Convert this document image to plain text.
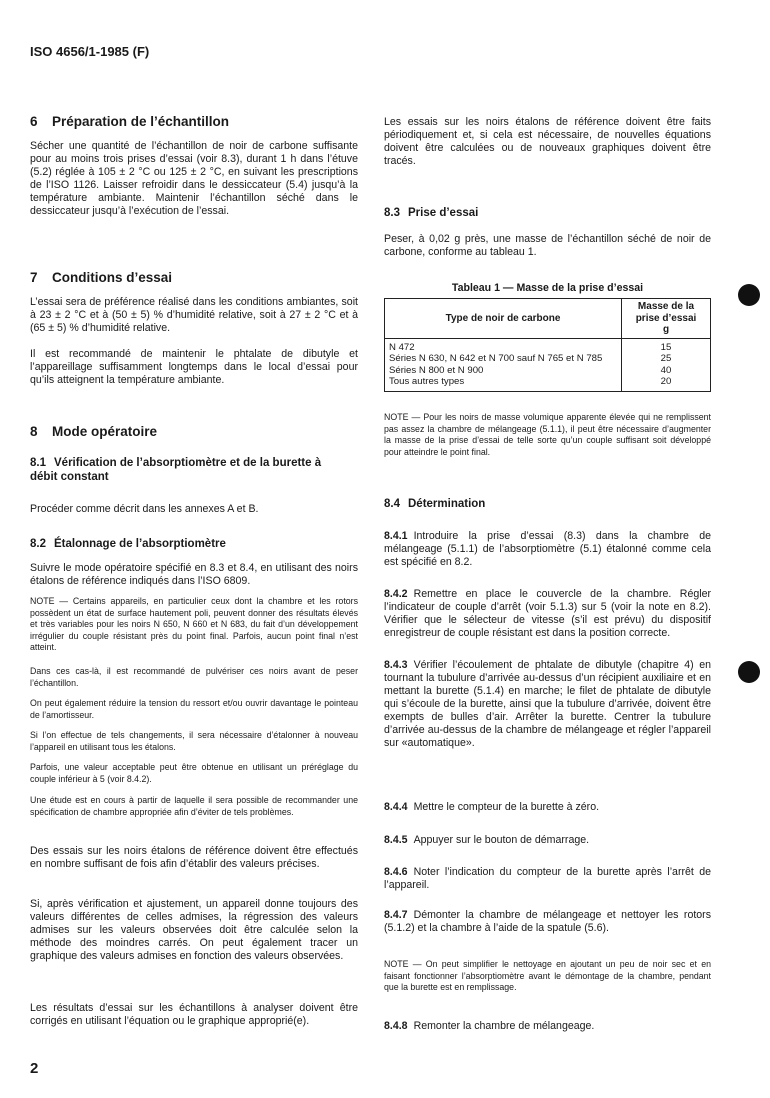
ISO 4656/1-1985 (F)
6 Préparation de l’échantillon

Sécher une quantité de l’échantillon de noir de carbone suffisante pour au moins trois prises d’essai (voir 8.3), durant 1 h dans l’étuve (5.2) réglée à 105 ± 2 °C ou 125 ± 2 °C, en suivant les prescriptions de l’ISO 1126. Laisser refroidir dans le dessiccateur (5.4) jusqu’à la température ambiante. Maintenir l’échantillon séché dans le dessiccateur jusqu’à l’exécution de l’essai.

7 Conditions d’essai

L’essai sera de préférence réalisé dans les conditions ambiantes, soit à 23 ± 2 °C et à (50 ± 5) % d’humidité relative, soit à 27 ± 2 °C et à (65 ± 5) % d’humidité relative.

Il est recommandé de maintenir le phtalate de dibutyle et l’appareillage suffisamment longtemps dans le local d’essai pour qu’ils atteignent la température ambiante.

8 Mode opératoire
8.1 Vérification de l’absorptiomètre et de la burette à débit constant

Procéder comme décrit dans les annexes A et B.

8.2 Étalonnage de l’absorptiomètre

Suivre le mode opératoire spécifié en 8.3 et 8.4, en utilisant des noirs étalons de référence indiqués dans l’ISO 6809.

NOTE — Certains appareils, en particulier ceux dont la chambre et les rotors possèdent un état de surface hautement poli, peuvent donner des résultats élevés et très variables pour les noirs N 650, N 660 et N 683, du fait d’un développement irrégulier du couple résistant près du point final. Parfois, aucun point final n’est atteint.

Dans ces cas-là, il est recommandé de pulvériser ces noirs avant de peser l’échantillon.

On peut également réduire la tension du ressort et/ou ouvrir davantage le pointeau de l’amortisseur.

Si l’on effectue de tels changements, il sera nécessaire d’étalonner à nouveau l’appareil en utilisant tous les étalons.

Parfois, une valeur acceptable peut être obtenue en utilisant un préréglage du couple inférieur à 5 (voir 8.4.2).

Une étude est en cours à partir de laquelle il sera possible de recommander une spécification de chambre appropriée afin d’éviter de tels problèmes.

Des essais sur les noirs étalons de référence doivent être effectués en nombre suffisant de fois afin d’établir des valeurs précises.

Si, après vérification et ajustement, un appareil donne toujours des valeurs différentes de celles admises, la régression des valeurs admises sur les valeurs observées doit être calculée selon la méthode des moindres carrés. On peut également tracer un graphique des valeurs admises en fonction des valeurs observées.

Les résultats d’essai sur les échantillons à analyser doivent être corrigés en utilisant l’équation ou le graphique approprié(e).

2

Les essais sur les noirs étalons de référence doivent être faits périodiquement et, si cela est nécessaire, de nouvelles équations doivent être calculées ou de nouveaux graphiques doivent être tracés.

8.3 Prise d’essai

Peser, à 0,02 g près, une masse de l’échantillon séché de noir de carbone, conforme au tableau 1.

Tableau 1 — Masse de la prise d’essai
Type de noir de carbone	Masse de la
prise d’essai
g

N 472	15
Séries N 630, N 642 et N 700 sauf N 765 et N 785	25
Séries N 800 et N 900	40
Tous autres types	20

NOTE — Pour les noirs de masse volumique apparente élevée qui ne remplissent pas assez la chambre de mélangeage (5.1.1), il peut être nécessaire d’augmenter la masse de la prise d’essai de telle sorte qu’un couple suffisant soit développé pour atteindre le point final.

8.4 Détermination

8.4.1 Introduire la prise d’essai (8.3) dans la chambre de mélangeage (5.1.1) de l’absorptiomètre (5.1) étalonné comme cela est spécifié en 8.2.

8.4.2 Remettre en place le couvercle de la chambre. Régler l’indicateur de couple d’arrêt (voir 5.1.3) sur 5 (voir la note en 8.2). Vérifier que le sélecteur de vitesse (s’il est prévu) du dispositif enregistreur de couple résistant est dans la position correcte.

8.4.3 Vérifier l’écoulement de phtalate de dibutyle (chapitre 4) en tournant la tubulure d’arrivée au-dessus d’un récipient auxiliaire et en mettant la burette (5.1.4) en marche; le filet de phtalate de dibutyle qui s’écoule de la burette, ainsi que la tubulure d’arrivée, doivent être exempts de bulles d’air. Arrêter la burette. Centrer la tubulure d’arrivée au-dessus de la chambre de mélangeage et régler l’appareil sur «automatique».

8.4.4 Mettre le compteur de la burette à zéro.

8.4.5 Appuyer sur le bouton de démarrage.

8.4.6 Noter l’indication du compteur de la burette après l’arrêt de l’appareil.

8.4.7 Démonter la chambre de mélangeage et nettoyer les rotors (5.1.2) et la chambre à l’aide de la spatule (5.6).

NOTE — On peut simplifier le nettoyage en ajoutant un peu de noir sec et en faisant fonctionner l’absorptiomètre avant le démontage de la chambre, pendant que la burette est en remplissage.

8.4.8 Remonter la chambre de mélangeage.
